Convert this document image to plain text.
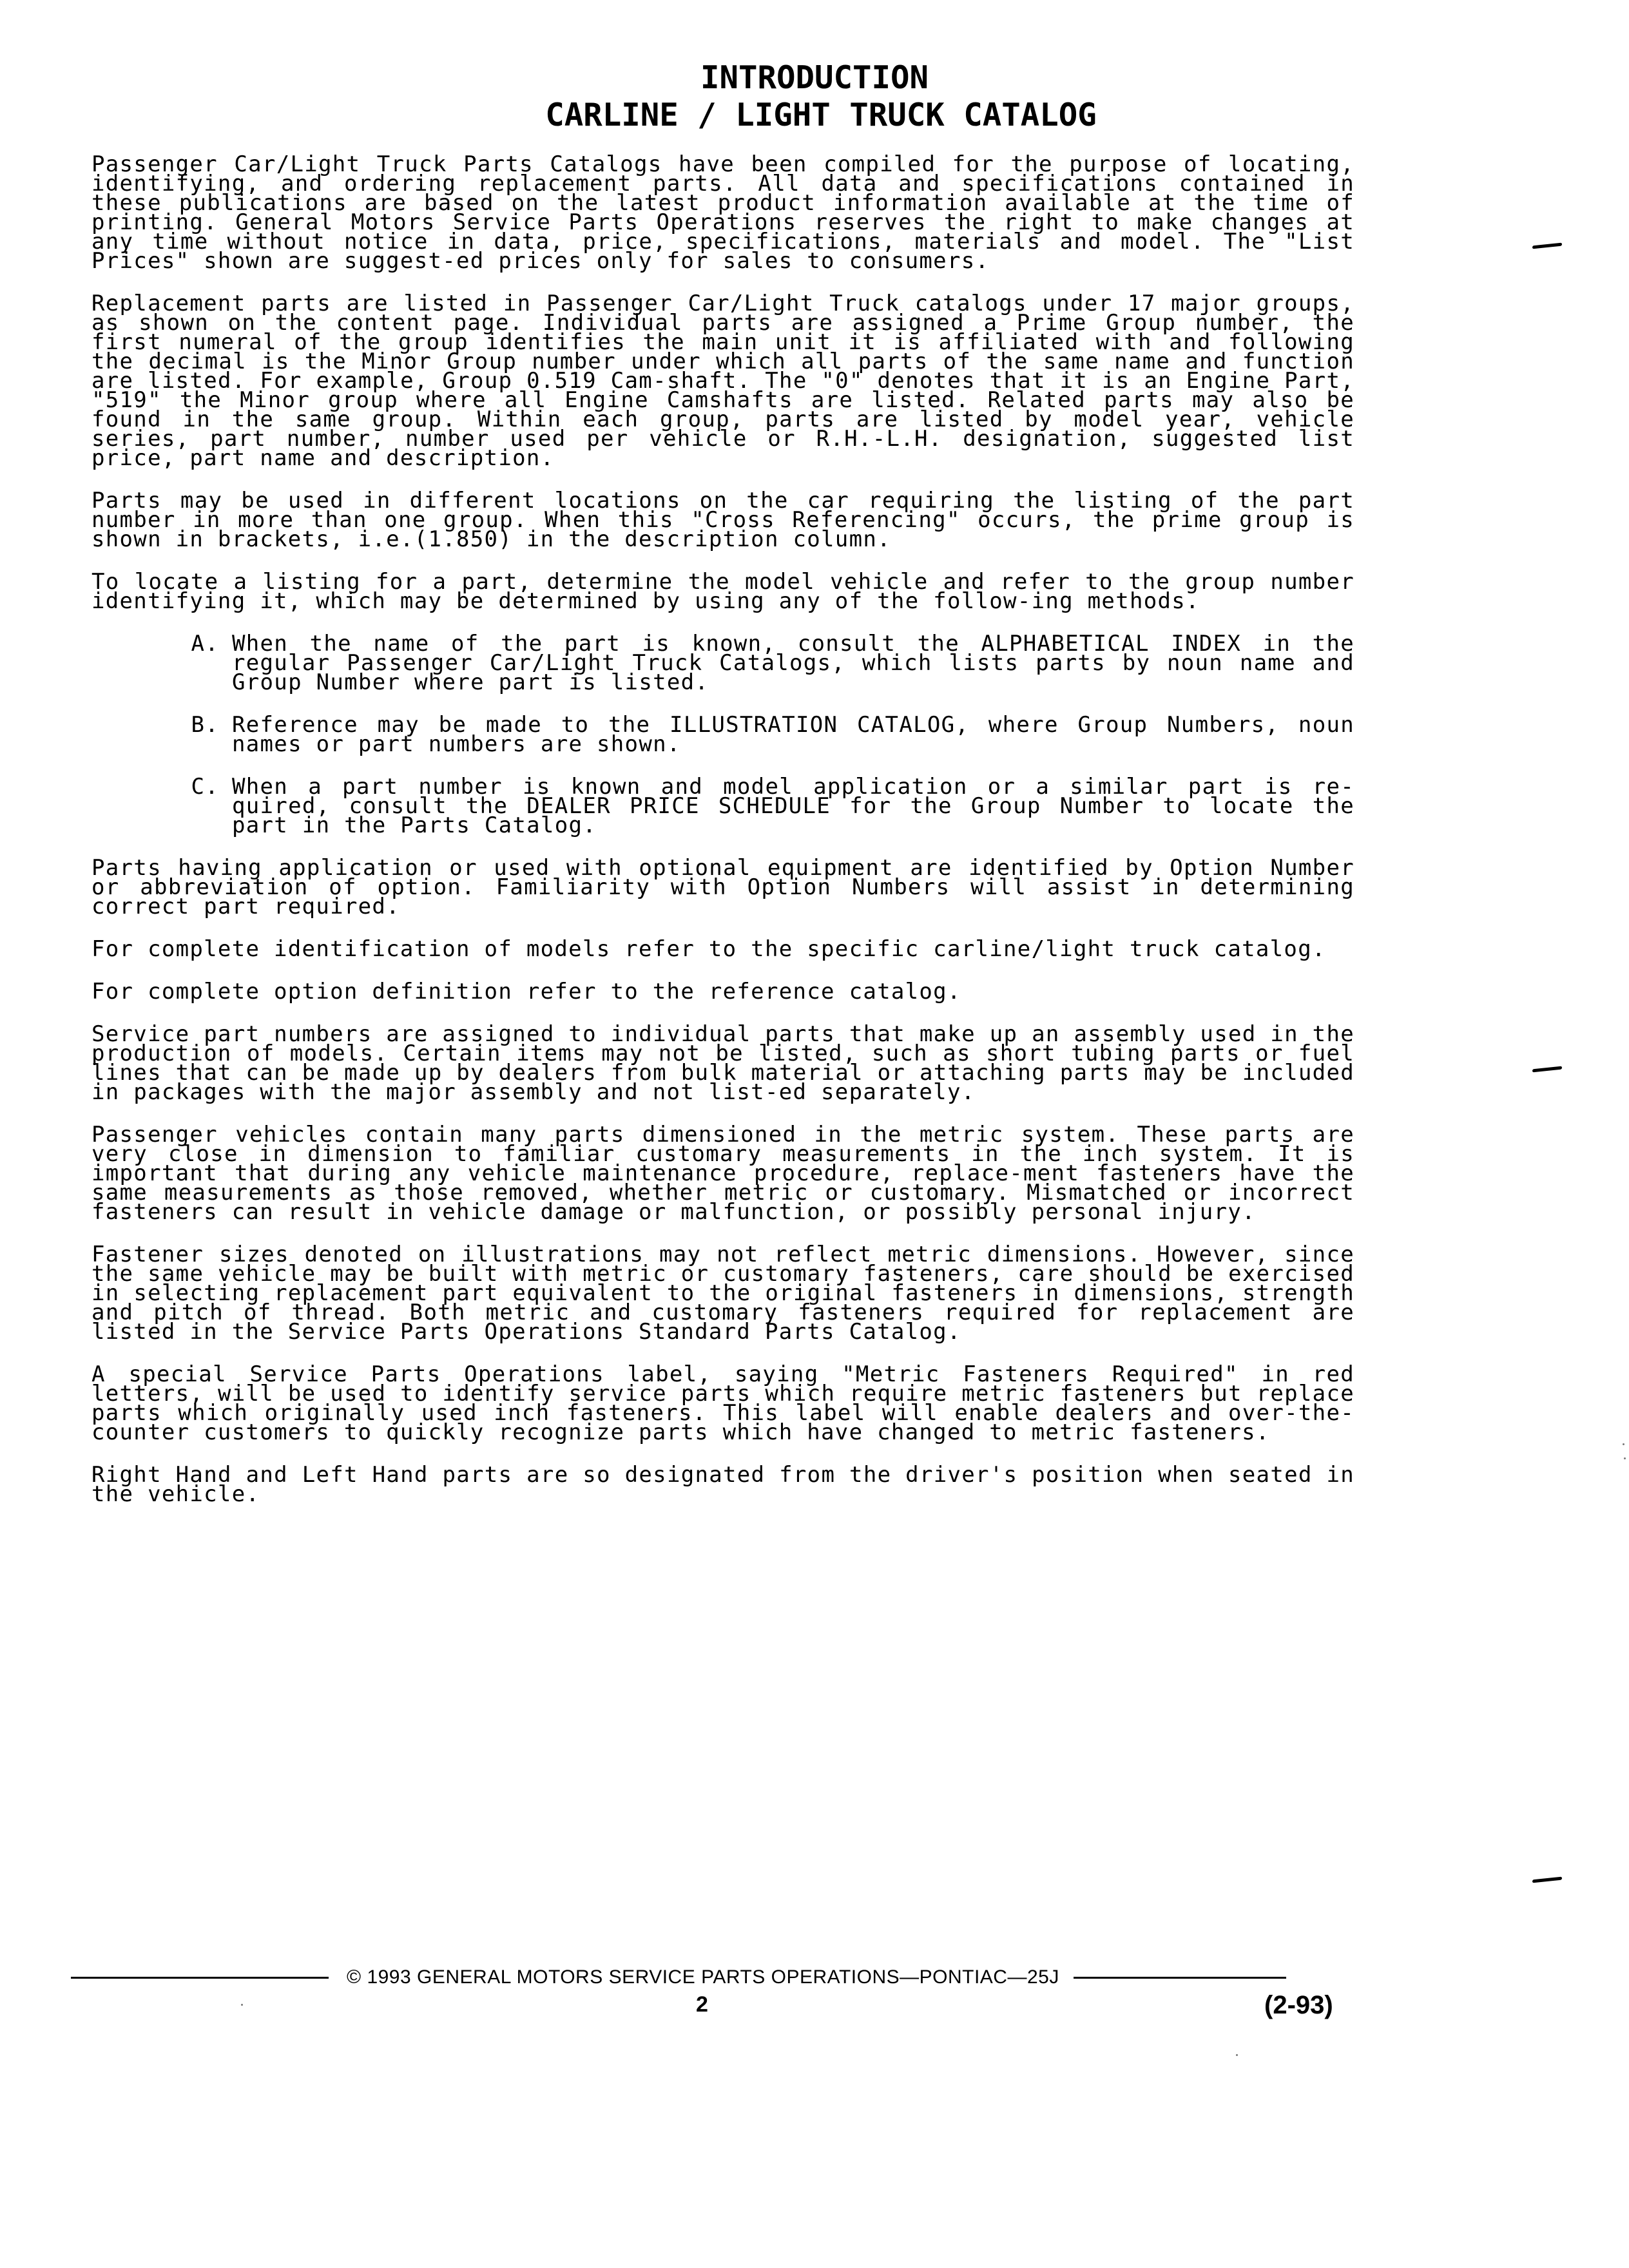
INTRODUCTION
CARLINE / LIGHT TRUCK CATALOG

Passenger Car/Light Truck Parts Catalogs have been compiled for the purpose of locating, identifying, and ordering replacement parts. All data and specifications contained in these publications are based on the latest product information available at the time of printing. General Motors Service Parts Operations reserves the right to make changes at any time without notice in data, price, specifications, materials and model. The "List Prices" shown are suggest-ed prices only for sales to consumers.

Replacement parts are listed in Passenger Car/Light Truck catalogs under 17 major groups, as shown on the content page. Individual parts are assigned a Prime Group number, the first numeral of the group identifies the main unit it is affiliated with and following the decimal is the Minor Group number under which all parts of the same name and function are listed. For example, Group 0.519 Cam-shaft. The "0" denotes that it is an Engine Part, "519" the Minor group where all Engine Camshafts are listed. Related parts may also be found in the same group. Within each group, parts are listed by model year, vehicle series, part number, number used per vehicle or R.H.-L.H. designation, suggested list price, part name and description.

Parts may be used in different locations on the car requiring the listing of the part number in more than one group. When this "Cross Referencing" occurs, the prime group is shown in brackets, i.e.(1.850) in the description column.

To locate a listing for a part, determine the model vehicle and refer to the group number identifying it, which may be determined by using any of the follow-ing methods.

A. When the name of the part is known, consult the ALPHABETICAL INDEX in the regular Passenger Car/Light Truck Catalogs, which lists parts by noun name and Group Number where part is listed.
B. Reference may be made to the ILLUSTRATION CATALOG, where Group Numbers, noun names or part numbers are shown.
C. When a part number is known and model application or a similar part is re-quired, consult the DEALER PRICE SCHEDULE for the Group Number to locate the part in the Parts Catalog.

Parts having application or used with optional equipment are identified by Option Number or abbreviation of option. Familiarity with Option Numbers will assist in determining correct part required.

For complete identification of models refer to the specific carline/light truck catalog.

For complete option definition refer to the reference catalog.

Service part numbers are assigned to individual parts that make up an assembly used in the production of models. Certain items may not be listed, such as short tubing parts or fuel lines that can be made up by dealers from bulk material or attaching parts may be included in packages with the major assembly and not list-ed separately.

Passenger vehicles contain many parts dimensioned in the metric system. These parts are very close in dimension to familiar customary measurements in the inch system. It is important that during any vehicle maintenance procedure, replace-ment fasteners have the same measurements as those removed, whether metric or customary. Mismatched or incorrect fasteners can result in vehicle damage or malfunction, or possibly personal injury.

Fastener sizes denoted on illustrations may not reflect metric dimensions. However, since the same vehicle may be built with metric or customary fasteners, care should be exercised in selecting replacement part equivalent to the original fasteners in dimensions, strength and pitch of thread. Both metric and customary fasteners required for replacement are listed in the Service Parts Operations Standard Parts Catalog.

A special Service Parts Operations label, saying "Metric Fasteners Required" in red letters, will be used to identify service parts which require metric fasteners but replace parts which originally used inch fasteners. This label will enable dealers and over-the-counter customers to quickly recognize parts which have changed to metric fasteners.

Right Hand and Left Hand parts are so designated from the driver's position when seated in the vehicle.

© 1993 GENERAL MOTORS SERVICE PARTS OPERATIONS—PONTIAC—25J
2	(2-93)
